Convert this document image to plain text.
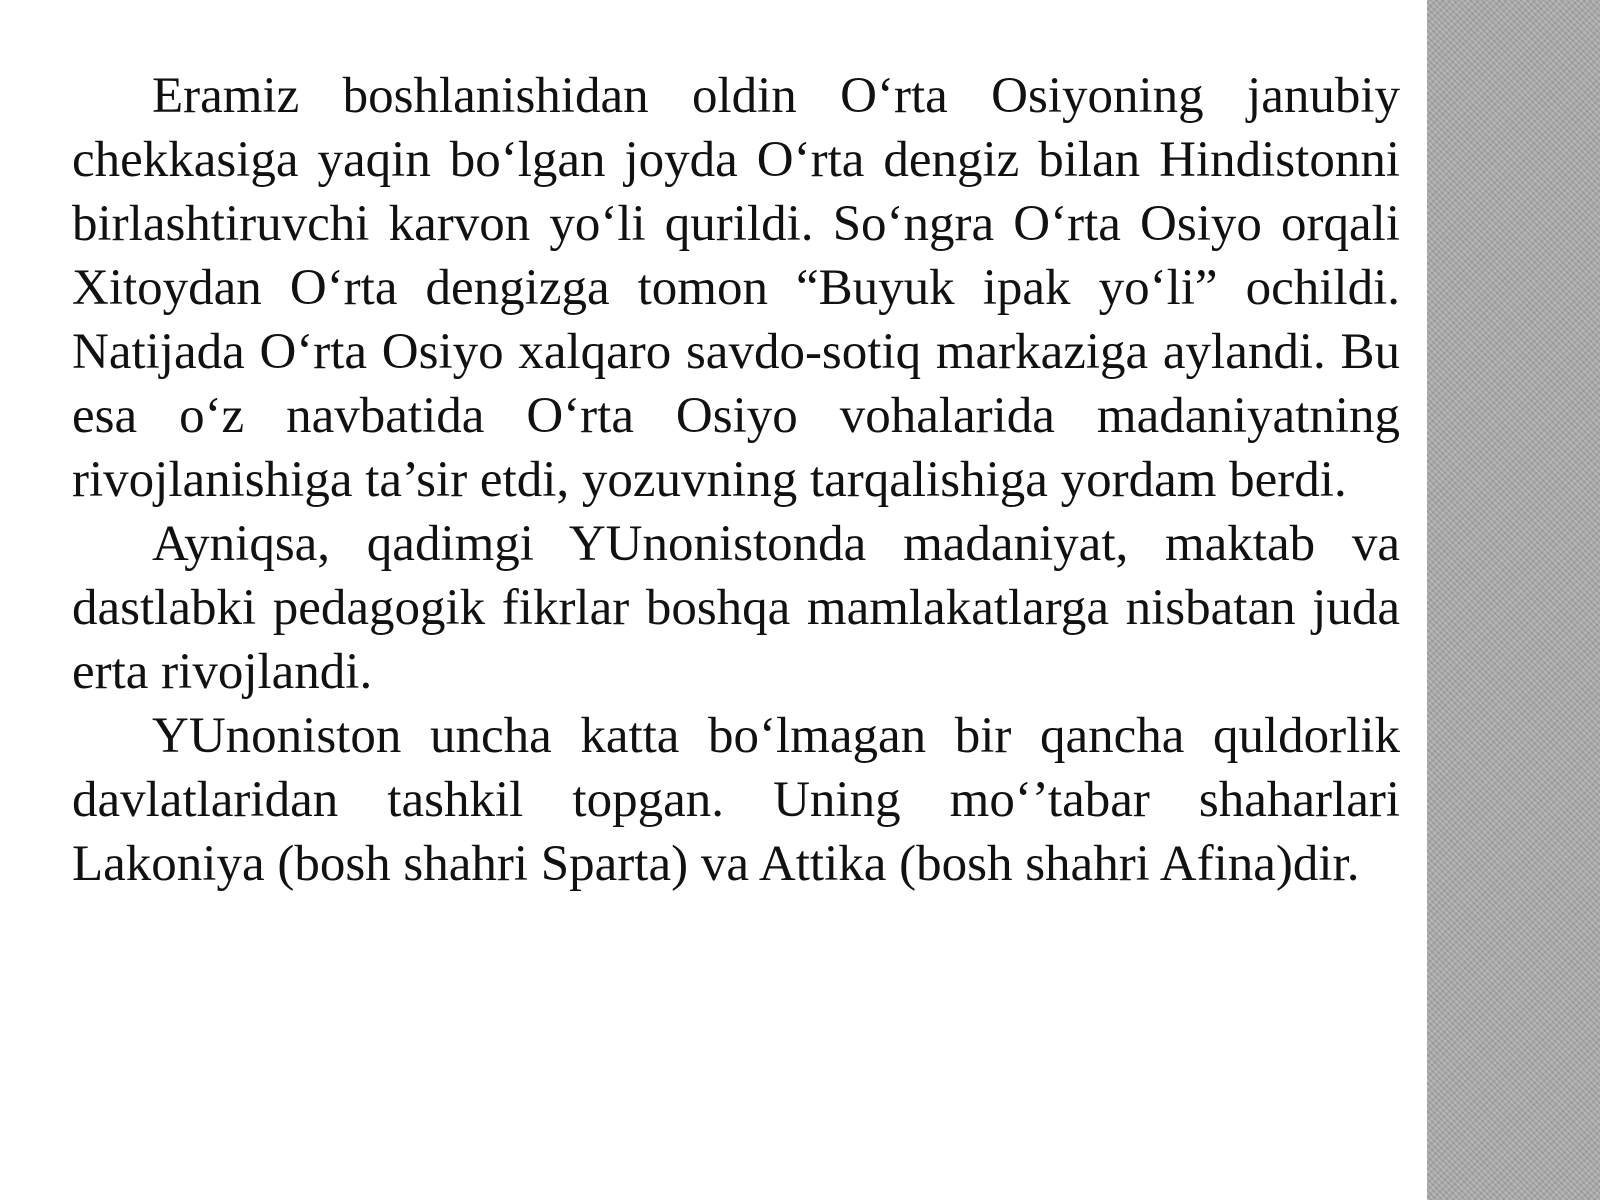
Eramiz boshlanishidan oldin O‘rta Osiyoning janubiy chekkasiga yaqin bo‘lgan joyda O‘rta dengiz bilan Hindistonni birlashtiruvchi karvon yo‘li qurildi. So‘ngra O‘rta Osiyo orqali Xitoydan O‘rta dengizga tomon “Buyuk ipak yo‘li” ochildi. Natijada O‘rta Osiyo xalqaro savdo-sotiq markaziga aylandi. Bu esa o‘z navbatida O‘rta Osiyo vohalarida madaniyatning rivojlanishiga ta’sir etdi, yozuvning tarqalishiga yordam berdi.

Ayniqsa, qadimgi YUnonistonda madaniyat, maktab va dastlabki pedagogik fikrlar boshqa mamlakatlarga nisbatan juda erta rivojlandi.

YUnoniston uncha katta bo‘lmagan bir qancha quldorlik davlatlaridan tashkil topgan. Uning mo‘’tabar shaharlari Lakoniya (bosh shahri Sparta) va Attika (bosh shahri Afina)dir.
